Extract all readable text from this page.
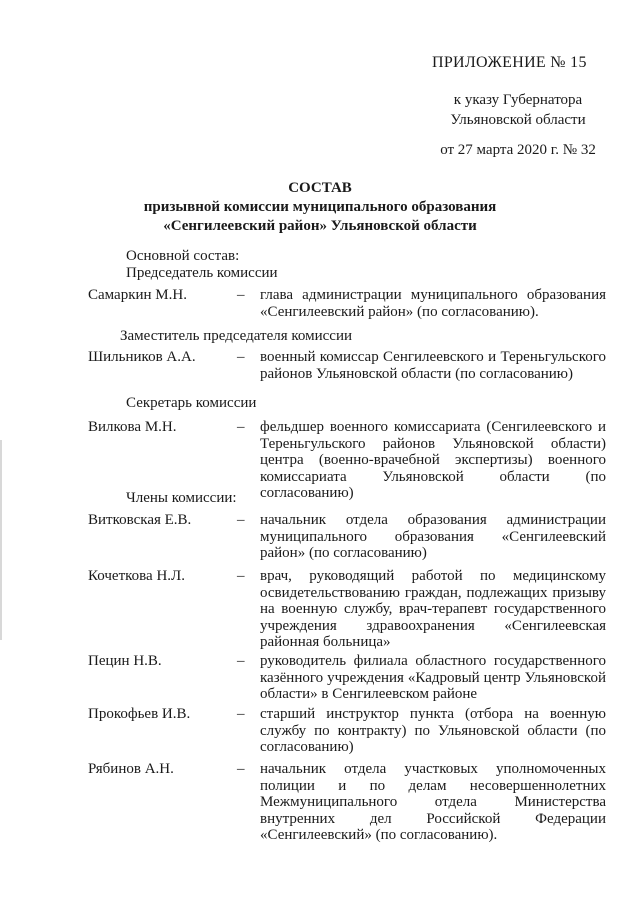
ПРИЛОЖЕНИЕ № 15
к указу Губернатора
Ульяновской области
от 27 марта 2020 г. № 32
СОСТАВ
призывной комиссии муниципального образования
«Сенгилеевский район» Ульяновской области
Основной состав:
Председатель комиссии
Самаркин М.Н.	– глава администрации муниципального образования «Сенгилеевский район» (по согласованию).
Заместитель председателя комиссии
Шильников А.А.	– военный комиссар Сенгилеевского и Тереньгульского районов Ульяновской области (по согласованию)
Секретарь комиссии
Вилкова М.Н.	– фельдшер военного комиссариата (Сенгилеевского и Тереньгульского районов Ульяновской области) центра (военно-врачебной экспертизы) военного комиссариата Ульяновской области (по согласованию)
Члены комиссии:
Витковская Е.В.	– начальник отдела образования администрации муниципального образования «Сенгилеевский район» (по согласованию)
Кочеткова Н.Л.	– врач, руководящий работой по медицинскому освидетельствованию граждан, подлежащих призыву на военную службу, врач-терапевт государственного учреждения здравоохранения «Сенгилеевская районная больница»
Пецин Н.В.	– руководитель филиала областного государственного казённого учреждения «Кадровый центр Ульяновской области» в Сенгилеевском районе
Прокофьев И.В.	– старший инструктор пункта (отбора на военную службу по контракту) по Ульяновской области (по согласованию)
Рябинов А.Н.	– начальник отдела участковых уполномоченных полиции и по делам несовершеннолетних Межмуниципального отдела Министерства внутренних дел Российской Федерации «Сенгилеевский» (по согласованию).
